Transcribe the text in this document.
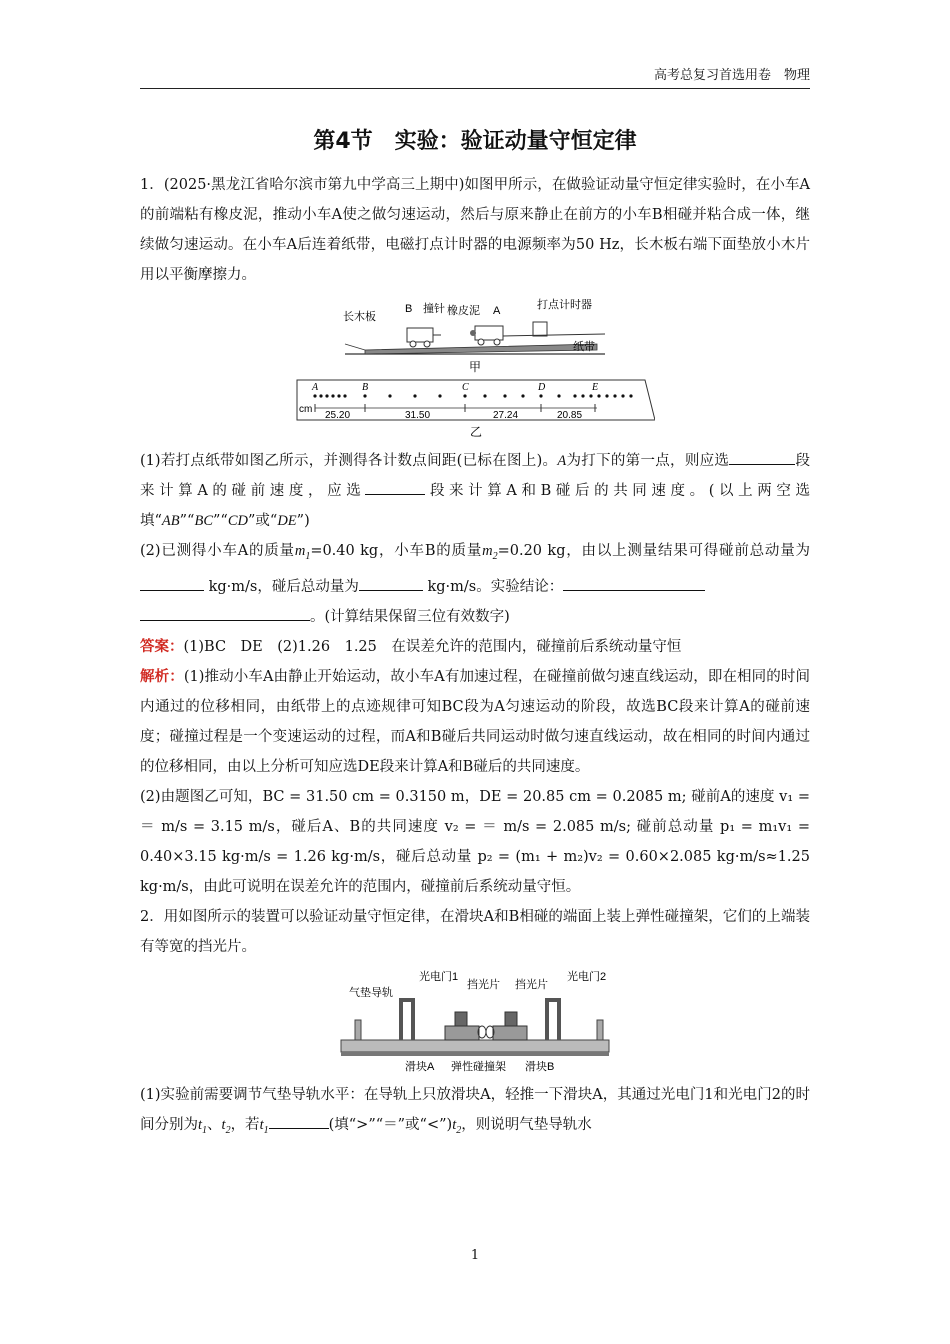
高考总复习首选用卷　物理
第4节　实验：验证动量守恒定律

1．(2025·黑龙江省哈尔滨市第九中学高三上期中)如图甲所示，在做验证动量守恒定律实验时，在小车A的前端粘有橡皮泥，推动小车A使之做匀速运动，然后与原来静止在前方的小车B相碰并粘合成一体，继续做匀速运动。在小车A后连着纸带，电磁打点计时器的电源频率为50 Hz，长木板右端下面垫放小木片用以平衡摩擦力。

长木板
B 撞针 橡皮泥 A	打点计时器
纸带
甲
A	B	C	D	E
cm
25.20	31.50	27.24	20.85
乙

(1)若打点纸带如图乙所示，并测得各计数点间距(已标在图上)。A为打下的第一点，则应选	段来计算A的碰前速度，应选	段来计算A和B碰后的共同速度。(以上两空选填“AB”“BC”“CD”或“DE”)

(2)已测得小车A的质量$m_1=0.40$ kg，小车B的质量$m_2=0.20$ kg，由以上测量结果可得碰前总动量为 kg·m/s，碰后总动量为	kg·m/s。实验结论：
。(计算结果保留三位有效数字)

答案：(1)BC　DE　(2)1.26　1.25　在误差允许的范围内，碰撞前后系统动量守恒

解析：(1)推动小车A由静止开始运动，故小车A有加速过程，在碰撞前做匀速直线运动，即在相同的时间内通过的位移相同，由纸带上的点迹规律可知BC段为A匀速运动的阶段，故选BC段来计算A的碰前速度；碰撞过程是一个变速运动的过程，而A和B碰后共同运动时做匀速直线运动，故在相同的时间内通过的位移相同，由以上分析可知应选DE段来计算A和B碰后的共同速度。

(2)由题图乙可知，BC = 31.50 cm = 0.3150 m，DE = 20.85 cm = 0.2085 m; 碰前A的速度 v₁ = ＝ m/s = 3.15 m/s，碰后A、B的共同速度 v₂ = ＝ m/s = 2.085 m/s; 碰前总动量 p₁ = m₁v₁ = 0.40×3.15 kg·m/s = 1.26 kg·m/s，碰后总动量 p₂ = (m₁ + m₂)v₂ = 0.60×2.085 kg·m/s≈1.25 kg·m/s，由此可说明在误差允许的范围内，碰撞前后系统动量守恒。

2．用如图所示的装置可以验证动量守恒定律，在滑块A和B相碰的端面上装上弹性碰撞架，它们的上端装有等宽的挡光片。

气垫导轨
光电门1
挡光片 挡光片
光电门2
滑块A 弹性碰撞架 滑块B

(1)实验前需要调节气垫导轨水平：在导轨上只放滑块A，轻推一下滑块A，其通过光电门1和光电门2的时间分别为$t_1$、$t_2$，若$t_1$	(填“>”“＝”或“$<”)t_2$，则说明气垫导轨水

1
